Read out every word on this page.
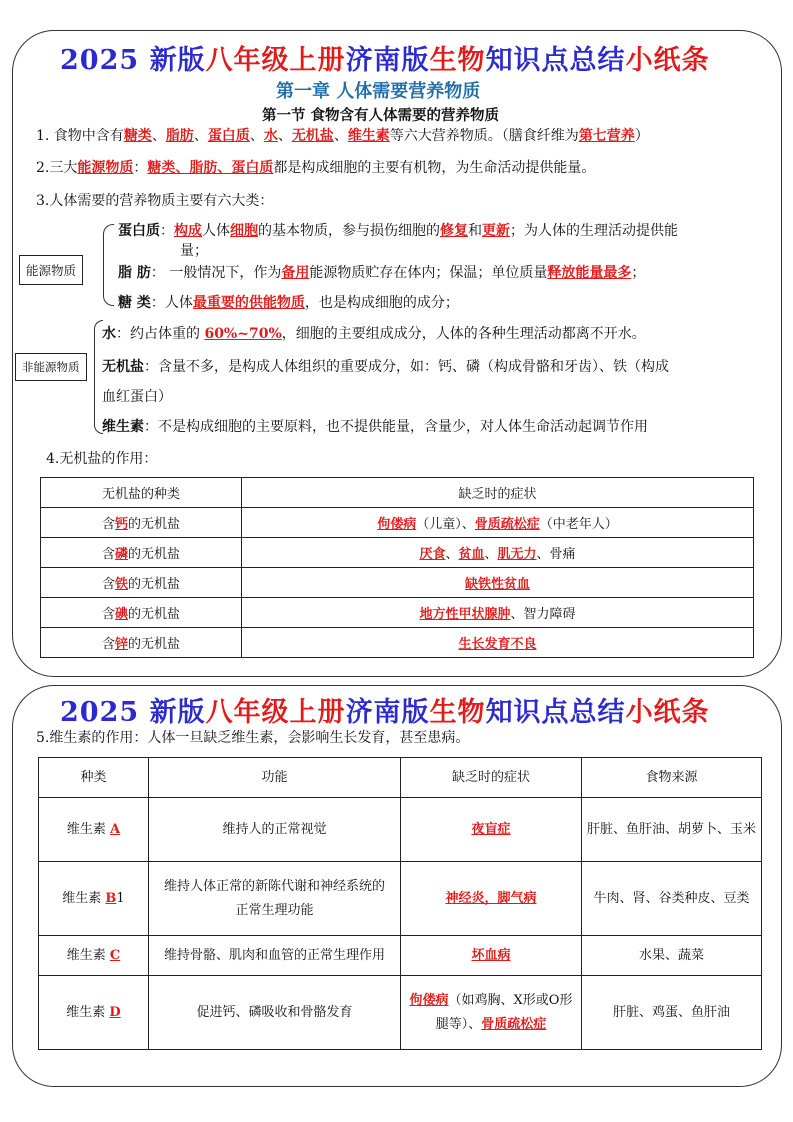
2025 新版八年级上册济南版生物知识点总结小纸条
第一章 人体需要营养物质
第一节 食物含有人体需要的营养物质
1. 食物中含有糖类、脂肪、蛋白质、水、无机盐、维生素等六大营养物质。（膳食纤维为第七营养）
2.三大能源物质：糖类、脂肪、蛋白质都是构成细胞的主要有机物，为生命活动提供能量。
3.人体需要的营养物质主要有六大类：
能源物质
蛋白质：构成人体细胞的基本物质，参与损伤细胞的修复和更新；为人体的生理活动提供能
量；
脂 肪： 一般情况下，作为备用能源物质贮存在体内；保温；单位质量释放能量最多；
糖 类：人体最重要的供能物质，也是构成细胞的成分；
非能源物质
水：约占体重的 60%~70%，细胞的主要组成成分，人体的各种生理活动都离不开水。
无机盐：含量不多，是构成人体组织的重要成分，如：钙、磷（构成骨骼和牙齿）、铁（构成
血红蛋白）
维生素：不是构成细胞的主要原料，也不提供能量，含量少，对人体生命活动起调节作用
4.无机盐的作用：
无机盐的种类	缺乏时的症状
含钙的无机盐	佝偻病（儿童）、骨质疏松症（中老年人）
含磷的无机盐	厌食、贫血、肌无力、骨痛
含铁的无机盐	缺铁性贫血
含碘的无机盐	地方性甲状腺肿、智力障碍
含锌的无机盐	生长发育不良
2025 新版八年级上册济南版生物知识点总结小纸条
5.维生素的作用：人体一旦缺乏维生素，会影响生长发育，甚至患病。
种类	功能	缺乏时的症状	食物来源
维生素 A	维持人的正常视觉	夜盲症	肝脏、鱼肝油、胡萝卜、玉米
维生素 B1	维持人体正常的新陈代谢和神经系统的
正常生理功能	神经炎，脚气病	牛肉、肾、谷类种皮、豆类
维生素 C	维持骨骼、肌肉和血管的正常生理作用	坏血病	水果、蔬菜
维生素 D	促进钙、磷吸收和骨骼发育	佝偻病（如鸡胸、X形或O形
腿等）、骨质疏松症	肝脏、鸡蛋、鱼肝油
